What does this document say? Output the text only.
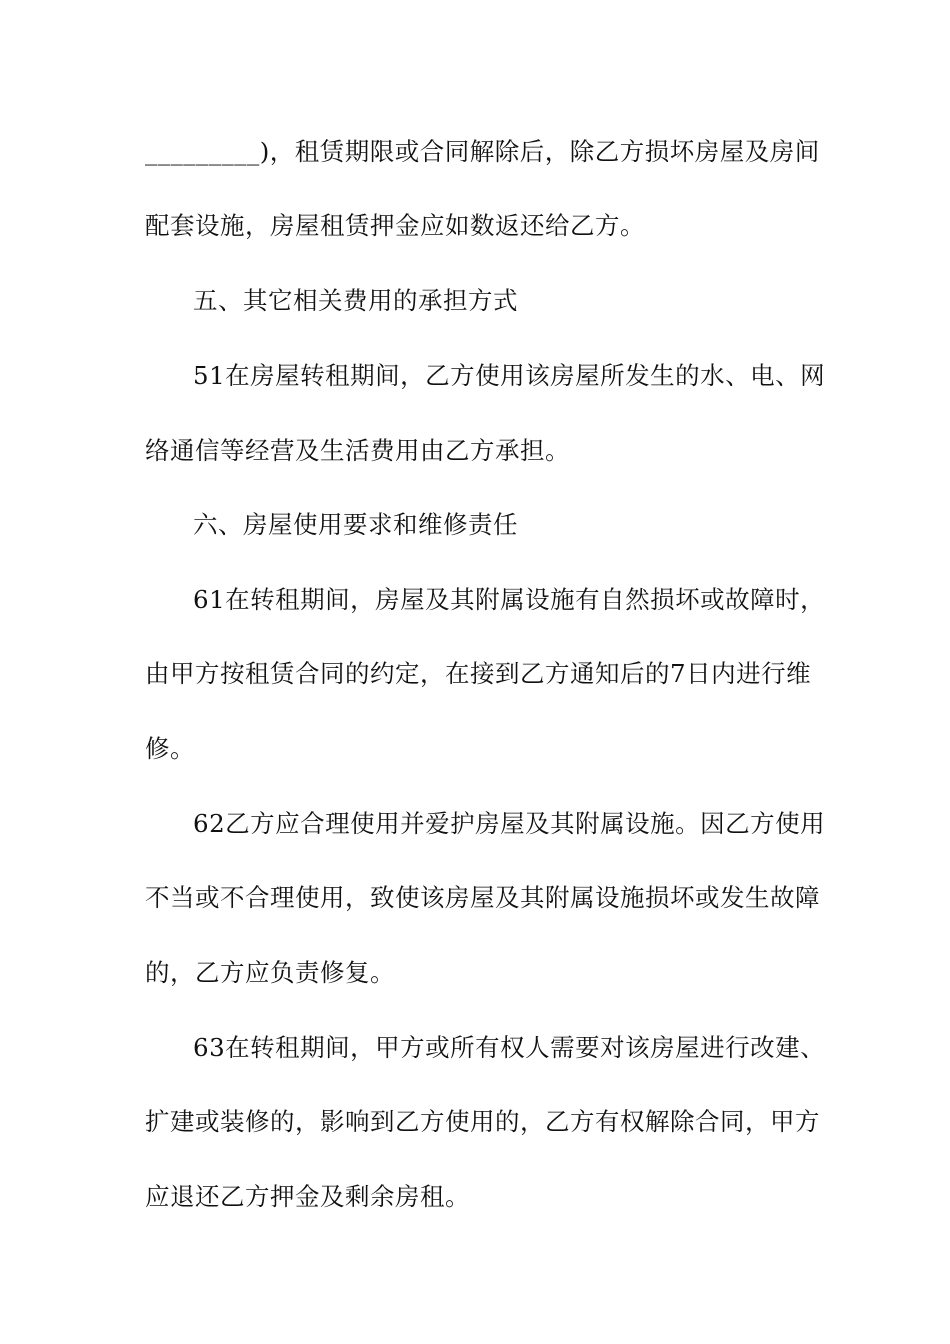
_________)，租赁期限或合同解除后，除乙方损坏房屋及房间
配套设施，房屋租赁押金应如数返还给乙方。
五、其它相关费用的承担方式
51在房屋转租期间，乙方使用该房屋所发生的水、电、网
络通信等经营及生活费用由乙方承担。
六、房屋使用要求和维修责任
61在转租期间，房屋及其附属设施有自然损坏或故障时，
由甲方按租赁合同的约定，在接到乙方通知后的7日内进行维
修。
62乙方应合理使用并爱护房屋及其附属设施。因乙方使用
不当或不合理使用，致使该房屋及其附属设施损坏或发生故障
的，乙方应负责修复。
63在转租期间，甲方或所有权人需要对该房屋进行改建、
扩建或装修的，影响到乙方使用的，乙方有权解除合同，甲方
应退还乙方押金及剩余房租。
